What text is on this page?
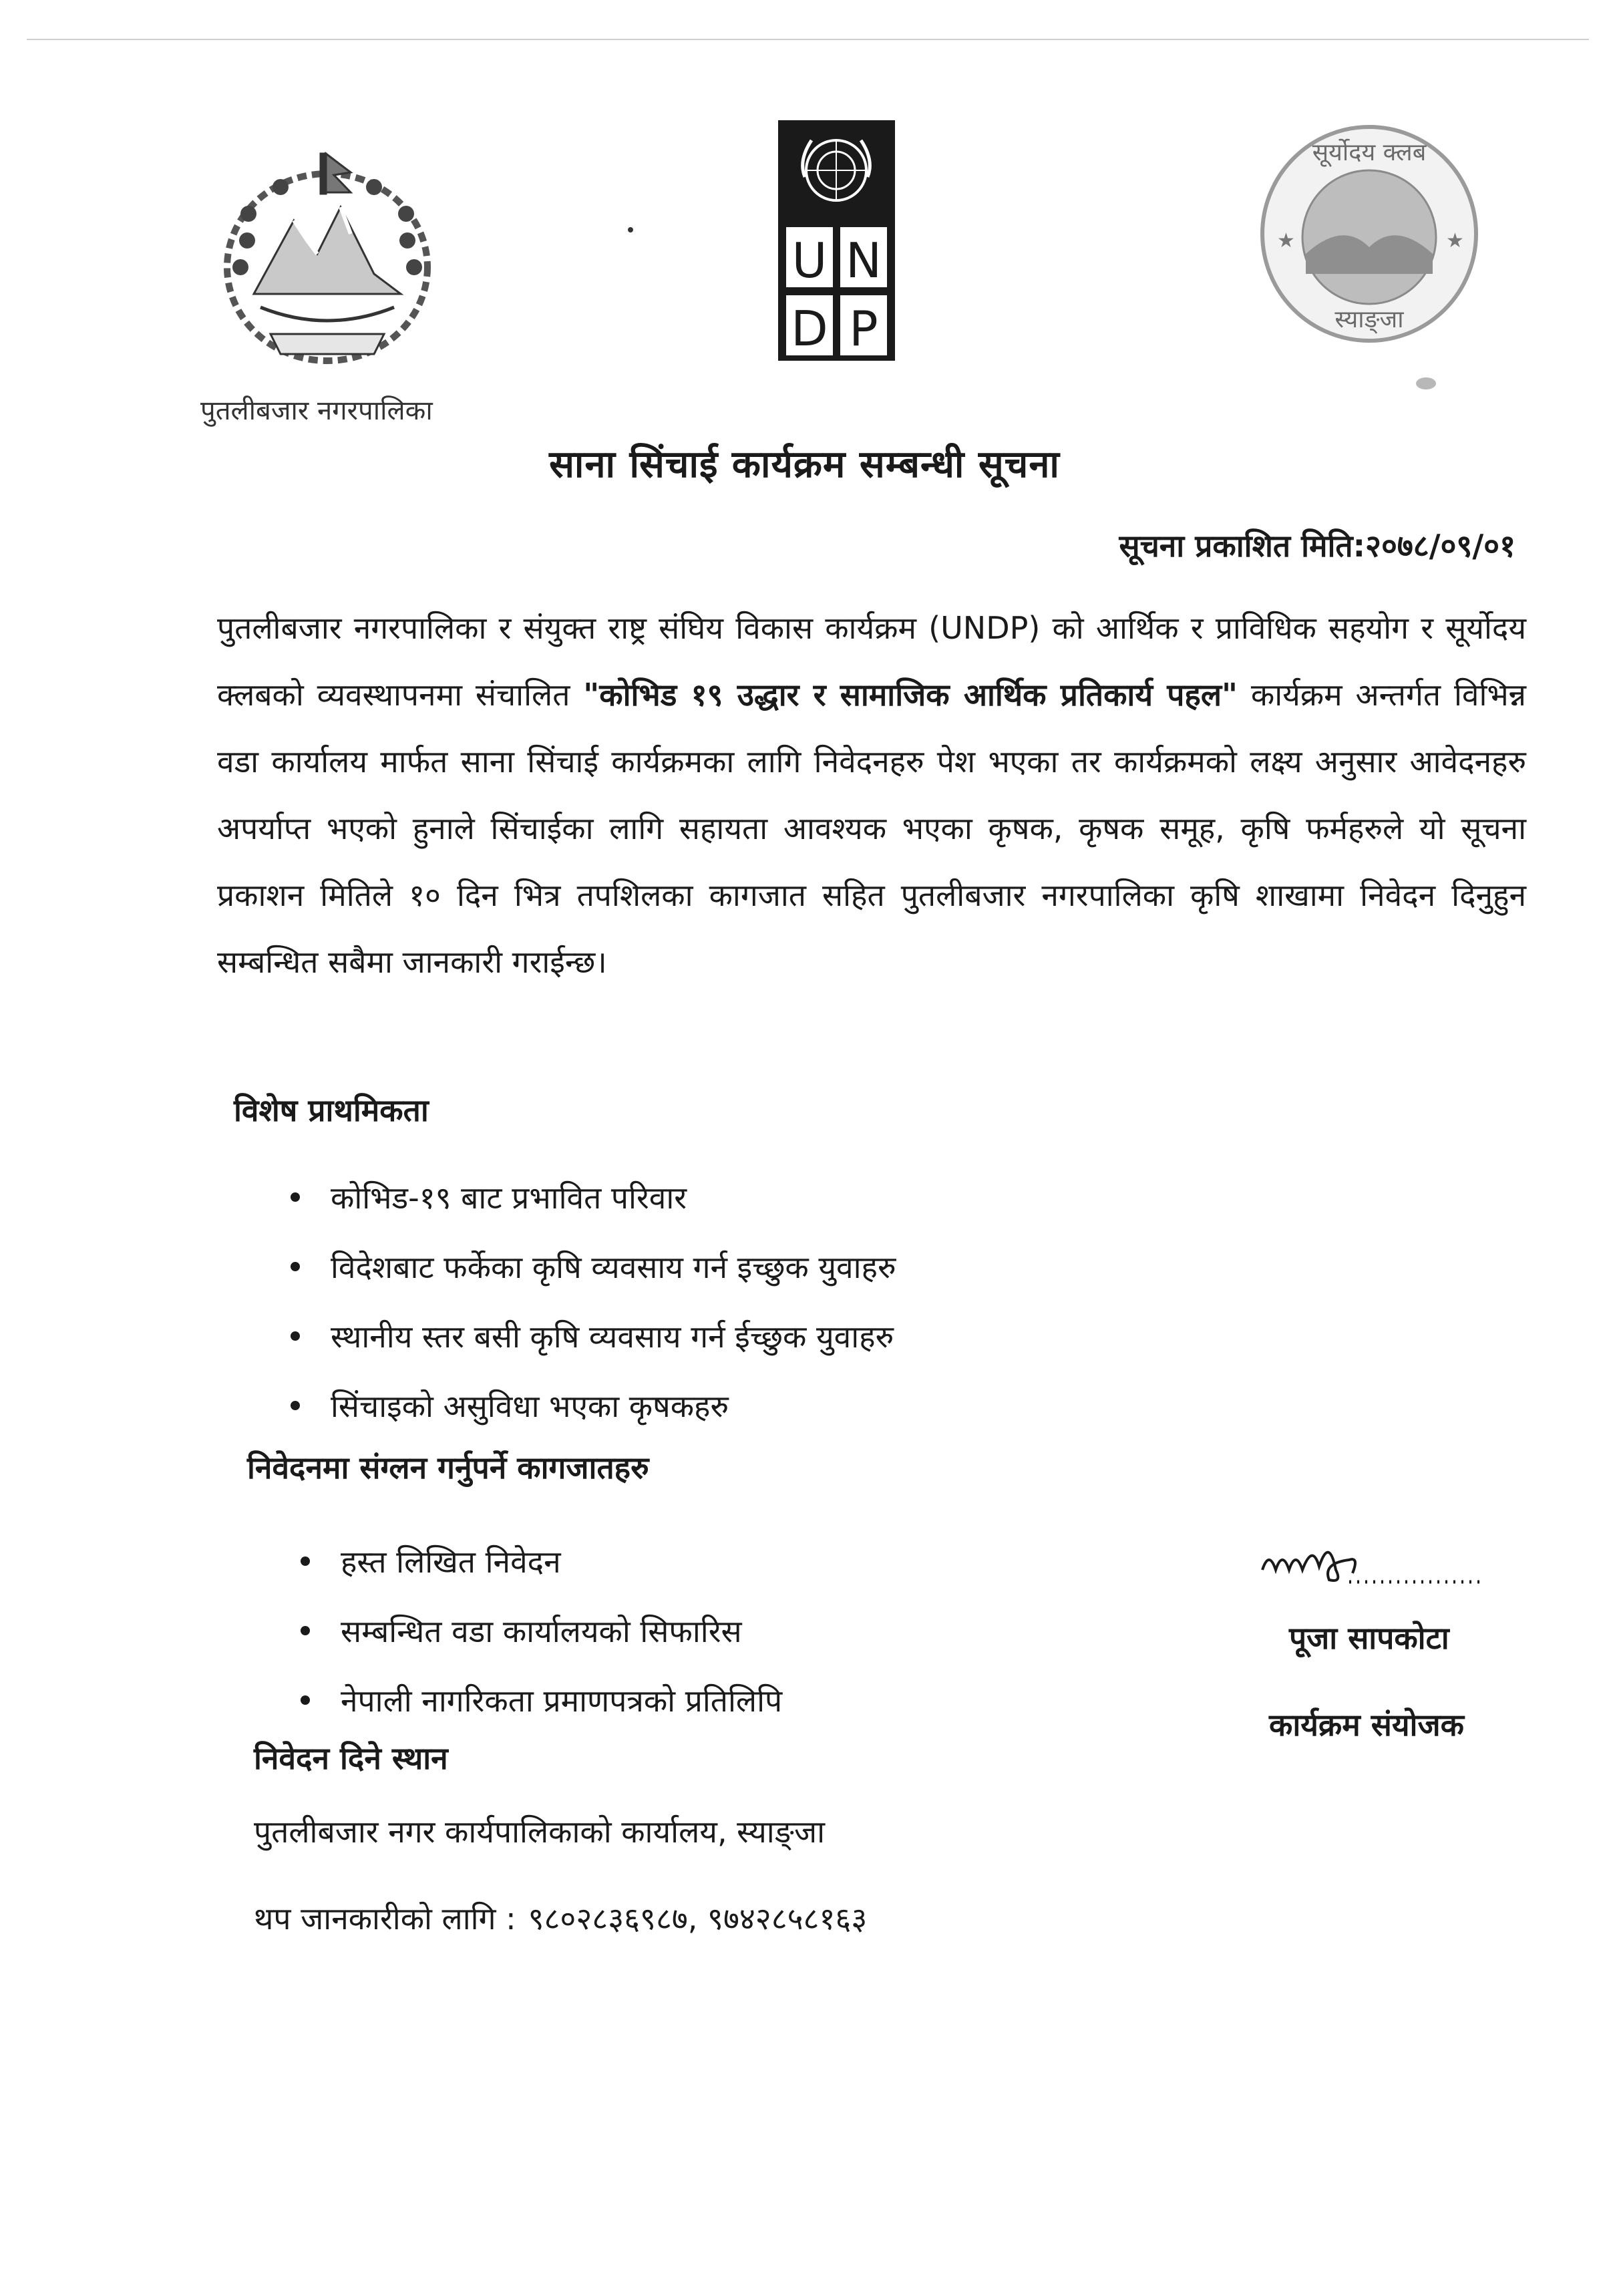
पुतलीबजार नगरपालिका
U N
D P
सूर्योदय क्लब
स्याङ्जा
★	★
साना सिंचाई कार्यक्रम सम्बन्धी सूचना
सूचना प्रकाशित मिति:२०७८/०९/०१
पुतलीबजार नगरपालिका र संयुक्त राष्ट्र संघिय विकास कार्यक्रम (UNDP) को आर्थिक र प्राविधिक सहयोग र सूर्योदय क्लबको व्यवस्थापनमा संचालित "कोभिड १९ उद्धार र सामाजिक आर्थिक प्रतिकार्य पहल" कार्यक्रम अन्तर्गत विभिन्न वडा कार्यालय मार्फत साना सिंचाई कार्यक्रमका लागि निवेदनहरु पेश भएका तर कार्यक्रमको लक्ष्य अनुसार आवेदनहरु अपर्याप्त भएको हुनाले सिंचाईका लागि सहायता आवश्यक भएका कृषक, कृषक समूह, कृषि फर्महरुले यो सूचना प्रकाशन मितिले १० दिन भित्र तपशिलका कागजात सहित पुतलीबजार नगरपालिका कृषि शाखामा निवेदन दिनुहुन सम्बन्धित सबैमा जानकारी गराईन्छ।
विशेष प्राथमिकता
कोभिड-१९ बाट प्रभावित परिवार
विदेशबाट फर्केका कृषि व्यवसाय गर्न इच्छुक युवाहरु
स्थानीय स्तर बसी कृषि व्यवसाय गर्न ईच्छुक युवाहरु
सिंचाइको असुविधा भएका कृषकहरु
निवेदनमा संग्लन गर्नुपर्ने कागजातहरु
हस्त लिखित निवेदन
सम्बन्धित वडा कार्यालयको सिफारिस
नेपाली नागरिकता प्रमाणपत्रको प्रतिलिपि
पूजा सापकोटा
कार्यक्रम संयोजक
निवेदन दिने स्थान
पुतलीबजार नगर कार्यपालिकाको कार्यालय, स्याङ्जा
थप जानकारीको लागि : ९८०२८३६९८७, ९७४२८५८१६३
